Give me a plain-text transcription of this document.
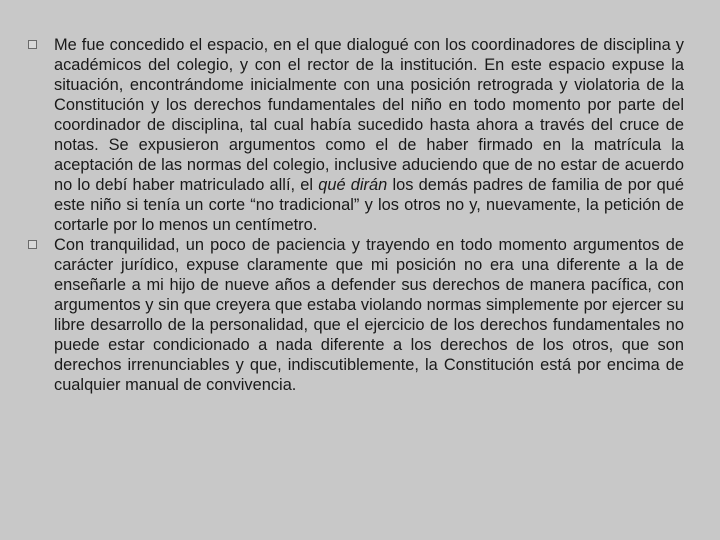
Me fue concedido el espacio, en el que dialogué con los coordinadores de disciplina y académicos del colegio, y con el rector de la institución. En este espacio expuse la situación, encontrándome inicialmente con una posición retrograda y violatoria de la Constitución y los derechos fundamentales del niño en todo momento por parte del coordinador de disciplina, tal cual había sucedido hasta ahora a través del cruce de notas. Se expusieron argumentos como el de haber firmado en la matrícula la aceptación de las normas del colegio, inclusive aduciendo que de no estar de acuerdo no lo debí haber matriculado allí, el qué dirán los demás padres de familia de por qué este niño si tenía un corte “no tradicional” y los otros no y, nuevamente, la petición de cortarle por lo menos un centímetro.

Con tranquilidad, un poco de paciencia y trayendo en todo momento argumentos de carácter jurídico, expuse claramente que mi posición no era una diferente a la de enseñarle a mi hijo de nueve años a defender sus derechos de manera pacífica, con argumentos y sin que creyera que estaba violando normas simplemente por ejercer su libre desarrollo de la personalidad, que el ejercicio de los derechos fundamentales no puede estar condicionado a nada diferente a los derechos de los otros, que son derechos irrenunciables y que, indiscutiblemente, la Constitución está por encima de cualquier manual de convivencia.
